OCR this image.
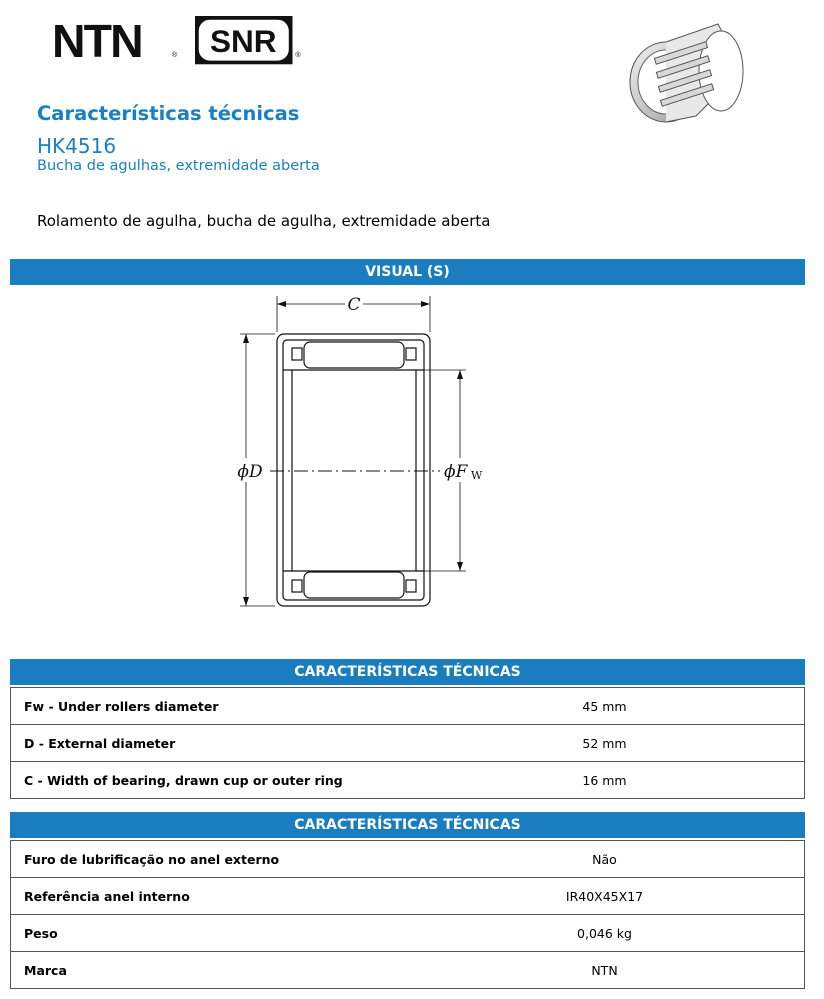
NTN	® SNR ®
Características técnicas
HK4516
Bucha de agulhas, extremidade aberta
Rolamento de agulha, bucha de agulha, extremidade aberta
VISUAL (S)
C
ϕD	ϕF W
CARACTERÍSTICAS TÉCNICAS
Fw - Under rollers diameter	45 mm
D - External diameter	52 mm
C - Width of bearing, drawn cup or outer ring	16 mm
CARACTERÍSTICAS TÉCNICAS
Furo de lubrificação no anel externo	Não
Referência anel interno	IR40X45X17
Peso	0,046 kg
Marca	NTN
